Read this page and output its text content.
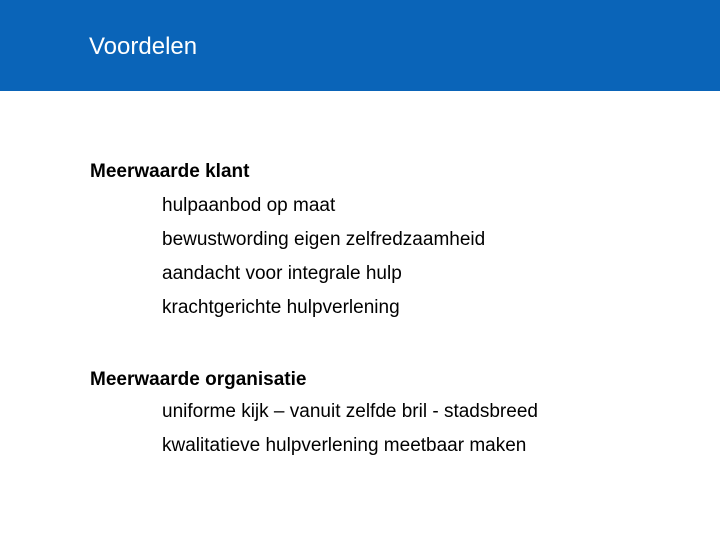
Voordelen
Meerwaarde klant
hulpaanbod op maat
bewustwording eigen zelfredzaamheid
aandacht voor integrale hulp
krachtgerichte hulpverlening
Meerwaarde organisatie
uniforme kijk – vanuit zelfde bril - stadsbreed
kwalitatieve hulpverlening meetbaar maken
